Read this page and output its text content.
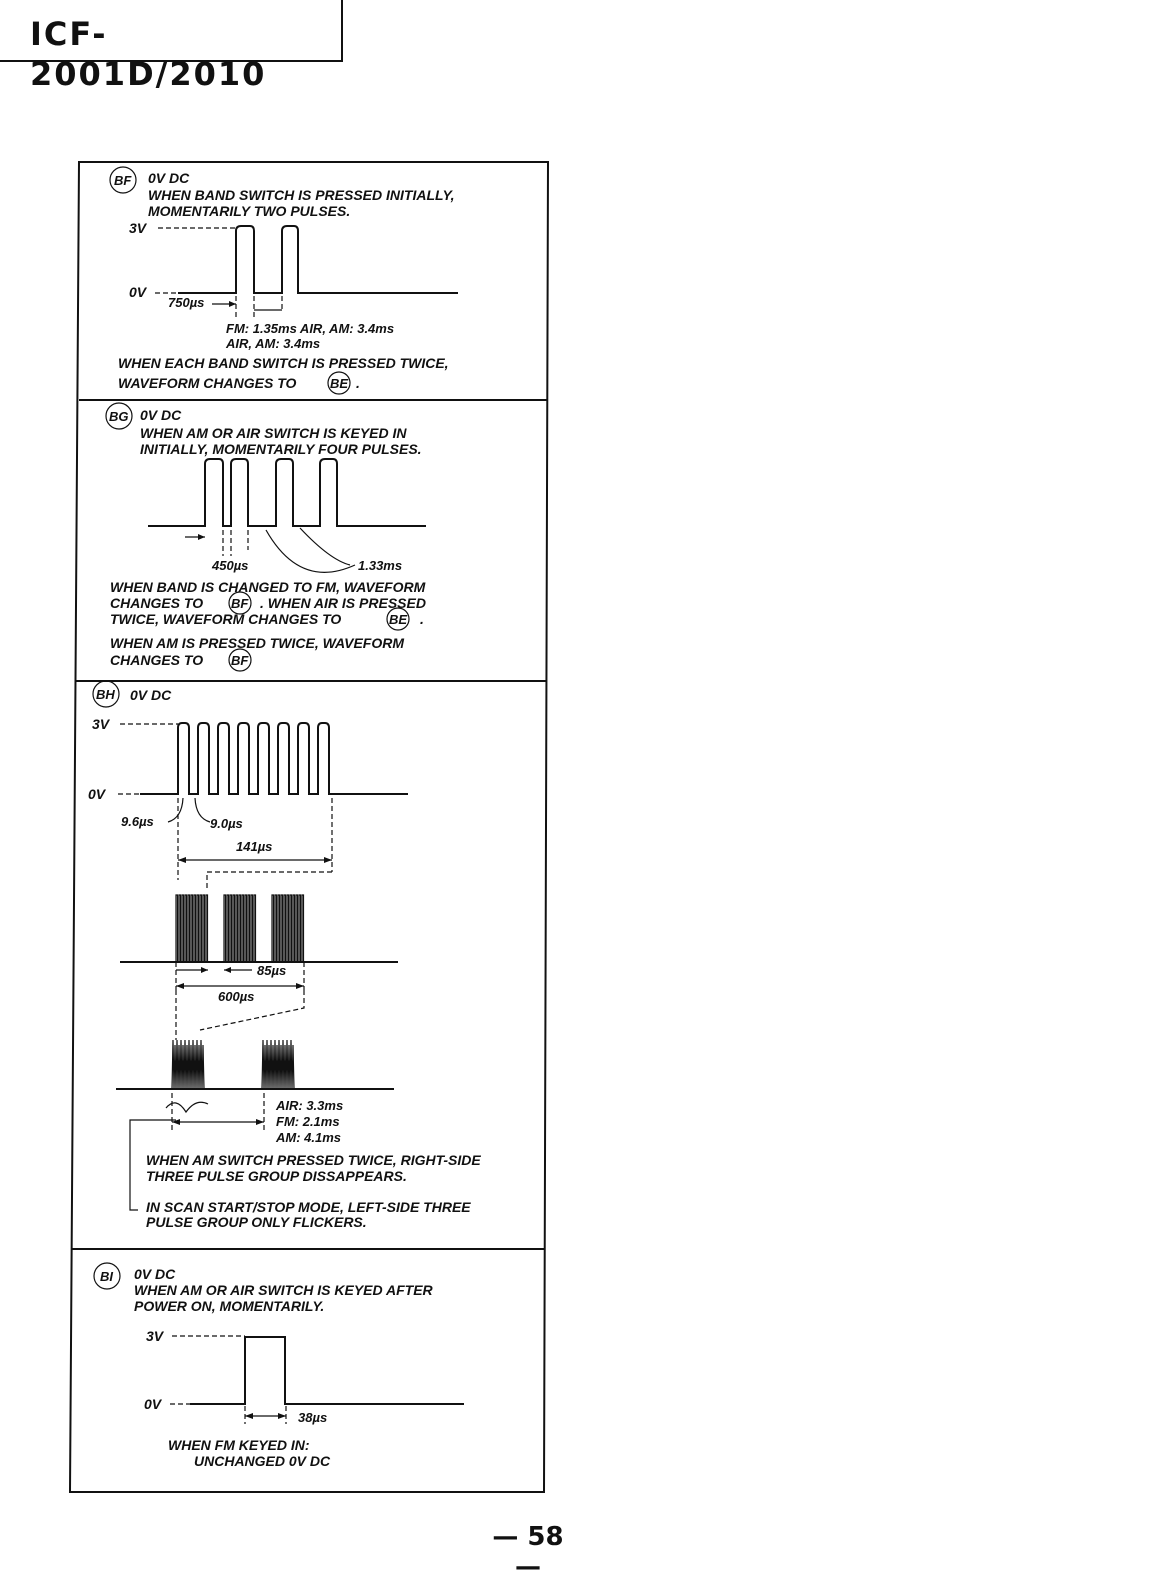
ICF-2001D/2010
BF 0V DC
WHEN BAND SWITCH IS PRESSED INITIALLY,
MOMENTARILY TWO PULSES.
3V
0V
750µs
FM: 1.35ms AIR, AM: 3.4ms
AIR, AM: 3.4ms
WHEN EACH BAND SWITCH IS PRESSED TWICE,
WAVEFORM CHANGES TO	BE .
BG 0V DC
WHEN AM OR AIR SWITCH IS KEYED IN
INITIALLY, MOMENTARILY FOUR PULSES.
450µs	1.33ms
WHEN BAND IS CHANGED TO FM, WAVEFORM
CHANGES TO BF . WHEN AIR IS PRESSED
TWICE, WAVEFORM CHANGES TO	BE .
WHEN AM IS PRESSED TWICE, WAVEFORM
CHANGES TO BF
BH 0V DC
3V
0V
9.6µs	9.0µs
141µs
85µs
600µs
AIR: 3.3ms
FM: 2.1ms
AM: 4.1ms
WHEN AM SWITCH PRESSED TWICE, RIGHT-SIDE
THREE PULSE GROUP DISSAPPEARS.
IN SCAN START/STOP MODE, LEFT-SIDE THREE
PULSE GROUP ONLY FLICKERS.
BI 0V DC
WHEN AM OR AIR SWITCH IS KEYED AFTER
POWER ON, MOMENTARILY.
3V
0V
38µs
WHEN FM KEYED IN:
UNCHANGED 0V DC

— 58 —
